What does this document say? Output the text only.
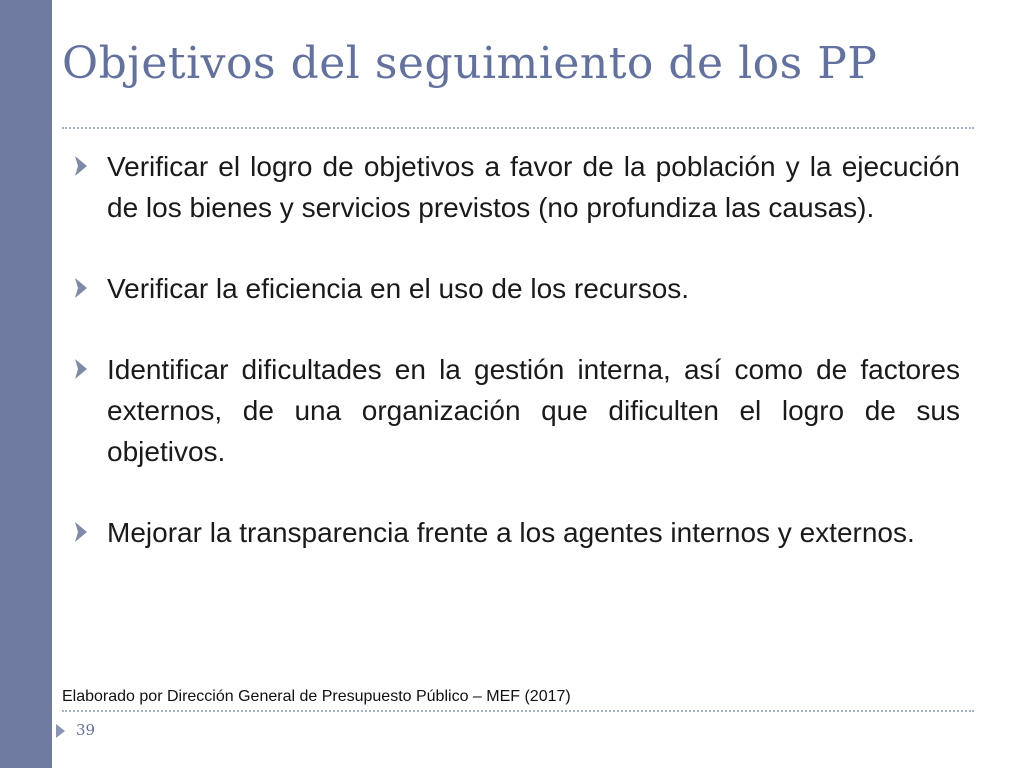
Objetivos del seguimiento de los PP

Verificar el logro de objetivos a favor de la población y la ejecución de los bienes y servicios previstos (no profundiza las causas).

Verificar la eficiencia en el uso de los recursos.

Identificar dificultades en la gestión interna, así como de factores externos, de una organización que dificulten el logro de sus objetivos.

Mejorar la transparencia frente a los agentes internos y externos.

Elaborado por Dirección General de Presupuesto Público – MEF (2017)
39
